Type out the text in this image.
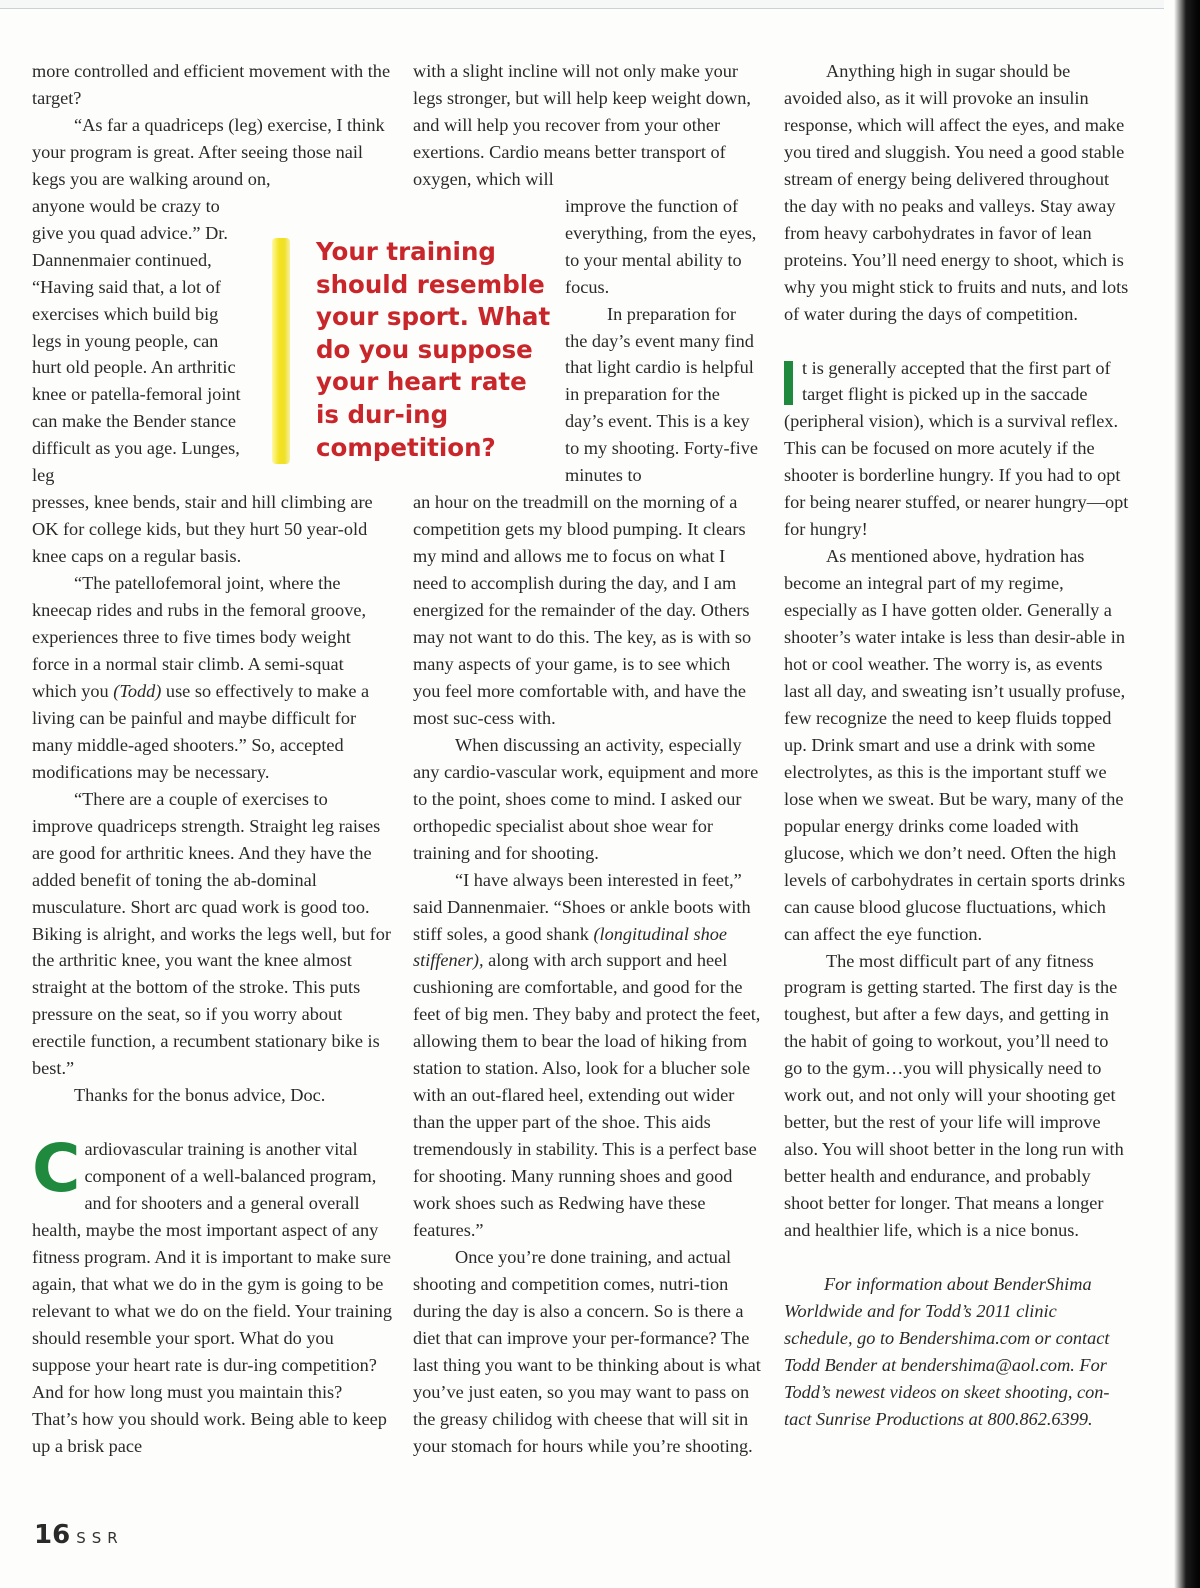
more controlled and efficient movement with the target?

“As far a quadriceps (leg) exercise, I think your program is great. After seeing those nail kegs you are walking around on,

anyone would be crazy to give you quad advice.” Dr. Dannenmaier continued, “Having said that, a lot of exercises which build big legs in young people, can hurt old people. An arthritic knee or patella-femoral joint can make the Bender stance difficult as you age. Lunges, leg

presses, knee bends, stair and hill climbing are OK for college kids, but they hurt 50 year-old knee caps on a regular basis.

“The patellofemoral joint, where the kneecap rides and rubs in the femoral groove, experiences three to five times body weight force in a normal stair climb. A semi-squat which you (Todd) use so effectively to make a living can be painful and maybe difficult for many middle-aged shooters.” So, accepted modifications may be necessary.

“There are a couple of exercises to improve quadriceps strength. Straight leg raises are good for arthritic knees. And they have the added benefit of toning the ab-dominal musculature. Short arc quad work is good too. Biking is alright, and works the legs well, but for the arthritic knee, you want the knee almost straight at the bottom of the stroke. This puts pressure on the seat, so if you worry about erectile function, a recumbent stationary bike is best.”

Thanks for the bonus advice, Doc.

Cardiovascular training is another vital component of a well-balanced program, and for shooters and a general overall health, maybe the most important aspect of any fitness program. And it is important to make sure again, that what we do in the gym is going to be relevant to what we do on the field. Your training should resemble your sport. What do you suppose your heart rate is dur-ing competition? And for how long must you maintain this? That’s how you should work. Being able to keep up a brisk pace

Your training should resemble your sport. What do you suppose your heart rate is dur-ing competition?

with a slight incline will not only make your legs stronger, but will help keep weight down, and will help you recover from your other exertions. Cardio means better transport of oxygen, which will

improve the function of everything, from the eyes, to your mental ability to focus.

In preparation for the day’s event many find that light cardio is helpful in preparation for the day’s event. This is a key to my shooting. Forty-five minutes to

an hour on the treadmill on the morning of a competition gets my blood pumping. It clears my mind and allows me to focus on what I need to accomplish during the day, and I am energized for the remainder of the day. Others may not want to do this. The key, as is with so many aspects of your game, is to see which you feel more comfortable with, and have the most suc-cess with.

When discussing an activity, especially any cardio-vascular work, equipment and more to the point, shoes come to mind. I asked our orthopedic specialist about shoe wear for training and for shooting.

“I have always been interested in feet,” said Dannenmaier. “Shoes or ankle boots with stiff soles, a good shank (longitudinal shoe stiffener), along with arch support and heel cushioning are comfortable, and good for the feet of big men. They baby and protect the feet, allowing them to bear the load of hiking from station to station. Also, look for a blucher sole with an out-flared heel, extending out wider than the upper part of the shoe. This aids tremendously in stability. This is a perfect base for shooting. Many running shoes and good work shoes such as Redwing have these features.”

Once you’re done training, and actual shooting and competition comes, nutri-tion during the day is also a concern. So is there a diet that can improve your per-formance? The last thing you want to be thinking about is what you’ve just eaten, so you may want to pass on the greasy chilidog with cheese that will sit in your stomach for hours while you’re shooting.

Anything high in sugar should be avoided also, as it will provoke an insulin response, which will affect the eyes, and make you tired and sluggish. You need a good stable stream of energy being delivered throughout the day with no peaks and valleys. Stay away from heavy carbohydrates in favor of lean proteins. You’ll need energy to shoot, which is why you might stick to fruits and nuts, and lots of water during the days of competition.

t is generally accepted that the first part of target flight is picked up in the saccade (peripheral vision), which is a survival reflex. This can be focused on more acutely if the shooter is borderline hungry. If you had to opt for being nearer stuffed, or nearer hungry—opt for hungry!

As mentioned above, hydration has become an integral part of my regime, especially as I have gotten older. Generally a shooter’s water intake is less than desir-able in hot or cool weather. The worry is, as events last all day, and sweating isn’t usually profuse, few recognize the need to keep fluids topped up. Drink smart and use a drink with some electrolytes, as this is the important stuff we lose when we sweat. But be wary, many of the popular energy drinks come loaded with glucose, which we don’t need. Often the high levels of carbohydrates in certain sports drinks can cause blood glucose fluctuations, which can affect the eye function.

The most difficult part of any fitness program is getting started. The first day is the toughest, but after a few days, and getting in the habit of going to workout, you’ll need to go to the gym…you will physically need to work out, and not only will your shooting get better, but the rest of your life will improve also. You will shoot better in the long run with better health and endurance, and probably shoot better for longer. That means a longer and healthier life, which is a nice bonus.

For information about BenderShima Worldwide and for Todd’s 2011 clinic schedule, go to Bendershima.com or contact Todd Bender at bendershima@aol.com. For Todd’s newest videos on skeet shooting, con-tact Sunrise Productions at 800.862.6399.

16 SSR
